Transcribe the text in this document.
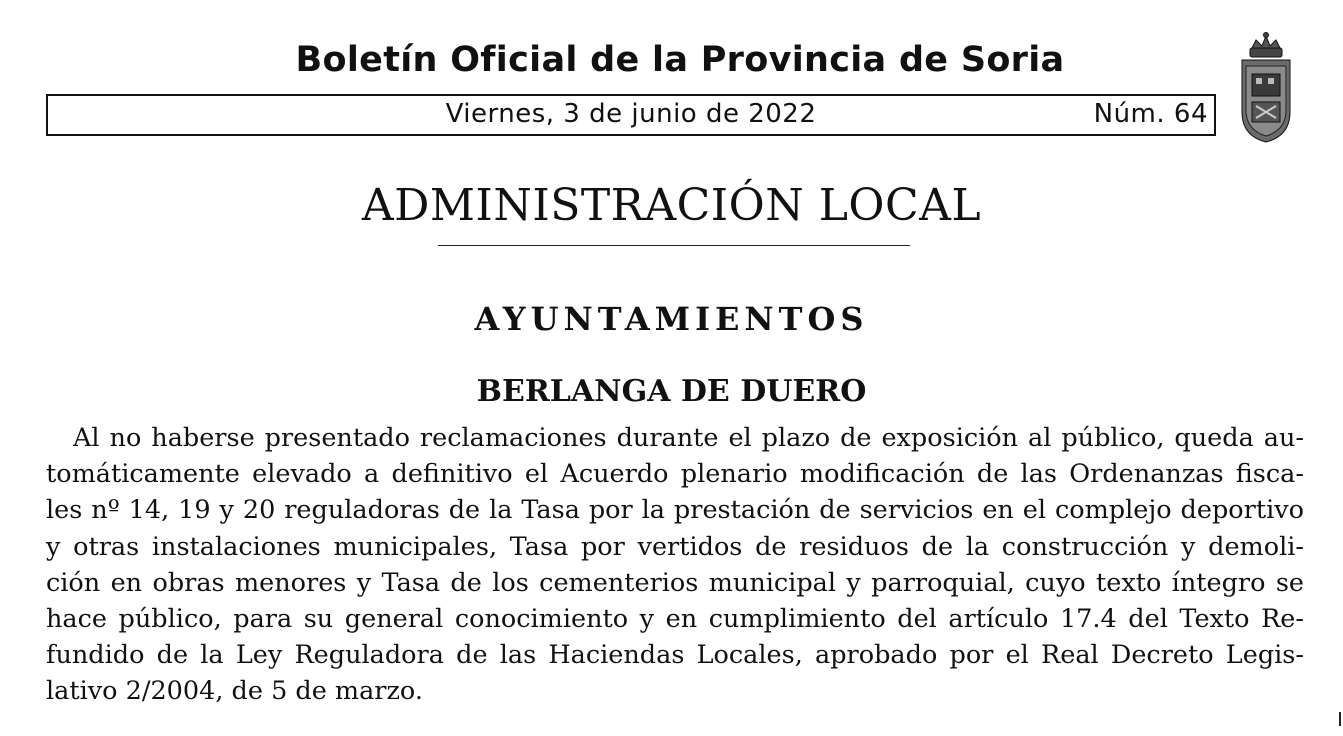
Boletín Oficial de la Provincia de Soria
Viernes, 3 de junio de 2022	Núm. 64
ADMINISTRACIÓN LOCAL
AYUNTAMIENTOS
BERLANGA DE DUERO
Al no haberse presentado reclamaciones durante el plazo de exposición al público, queda au-
tomáticamente elevado a definitivo el Acuerdo plenario modificación de las Ordenanzas fisca-
les nº 14, 19 y 20 reguladoras de la Tasa por la prestación de servicios en el complejo deportivo
y otras instalaciones municipales, Tasa por vertidos de residuos de la construcción y demoli-
ción en obras menores y Tasa de los cementerios municipal y parroquial, cuyo texto íntegro se
hace público, para su general conocimiento y en cumplimiento del artículo 17.4 del Texto Re-
fundido de la Ley Reguladora de las Haciendas Locales, aprobado por el Real Decreto Legis-
lativo 2/2004, de 5 de marzo.
